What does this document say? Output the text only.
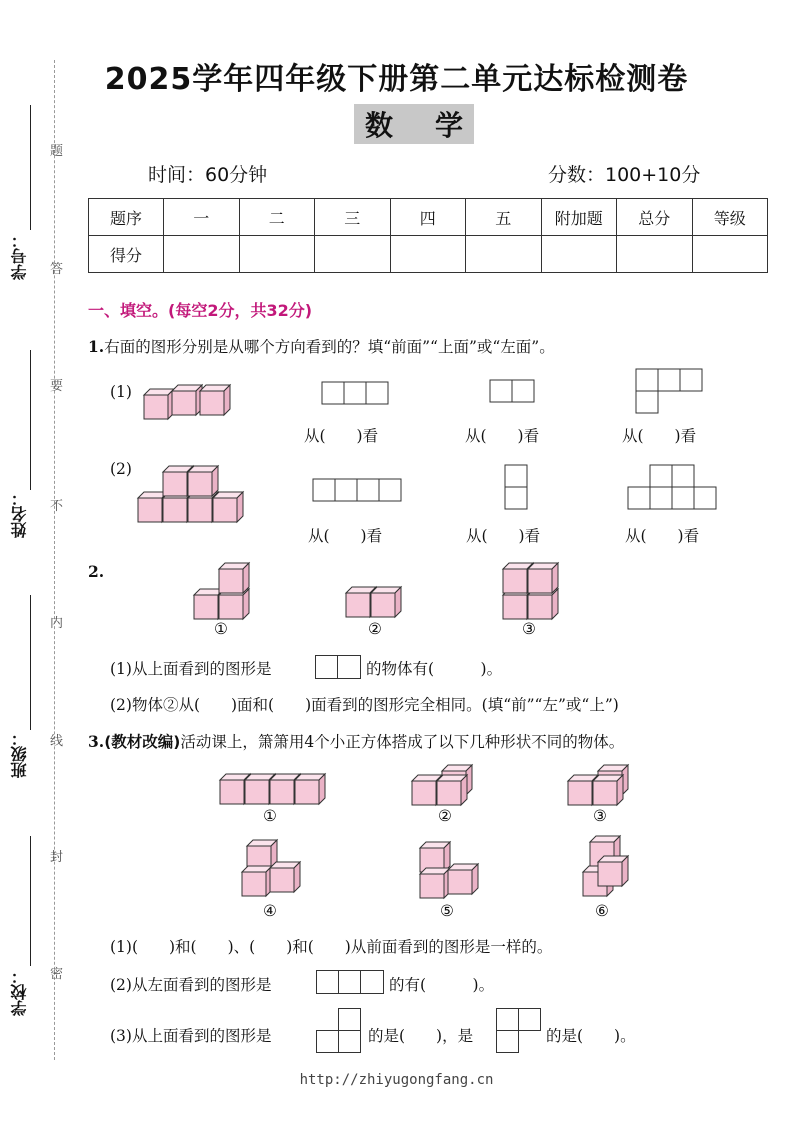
题
答
要
不
内
线
封
密
学号：
姓名：
班级：
学校：
2025学年四年级下册第二单元达标检测卷
数 学
时间：60分钟	分数：100+10分
题序	一	二	三	四	五	附加题	总分	等级
得分								
一、填空。(每空2分，共32分)
1.右面的图形分别是从哪个方向看到的？填“前面”“上面”或“左面”。
(1)
(2)
从(　　)看	从(　　)看	从(　　)看
从(　　)看	从(　　)看	从(　　)看
2.
①	②	③
(1)从上面看到的图形是	的物体有(　　　)。
(2)物体②从(　　)面和(　　)面看到的图形完全相同。(填“前”“左”或“上”)
3.(教材改编)活动课上，箫箫用4个小正方体搭成了以下几种形状不同的物体。
①	②	③
④	⑤	⑥
(1)(　　)和(　　)、(　　)和(　　)从前面看到的图形是一样的。
(2)从左面看到的图形是	的有(　　　)。
(3)从上面看到的图形是	的是(　　)，是	的是(　　)。
http://zhiyugongfang.cn
